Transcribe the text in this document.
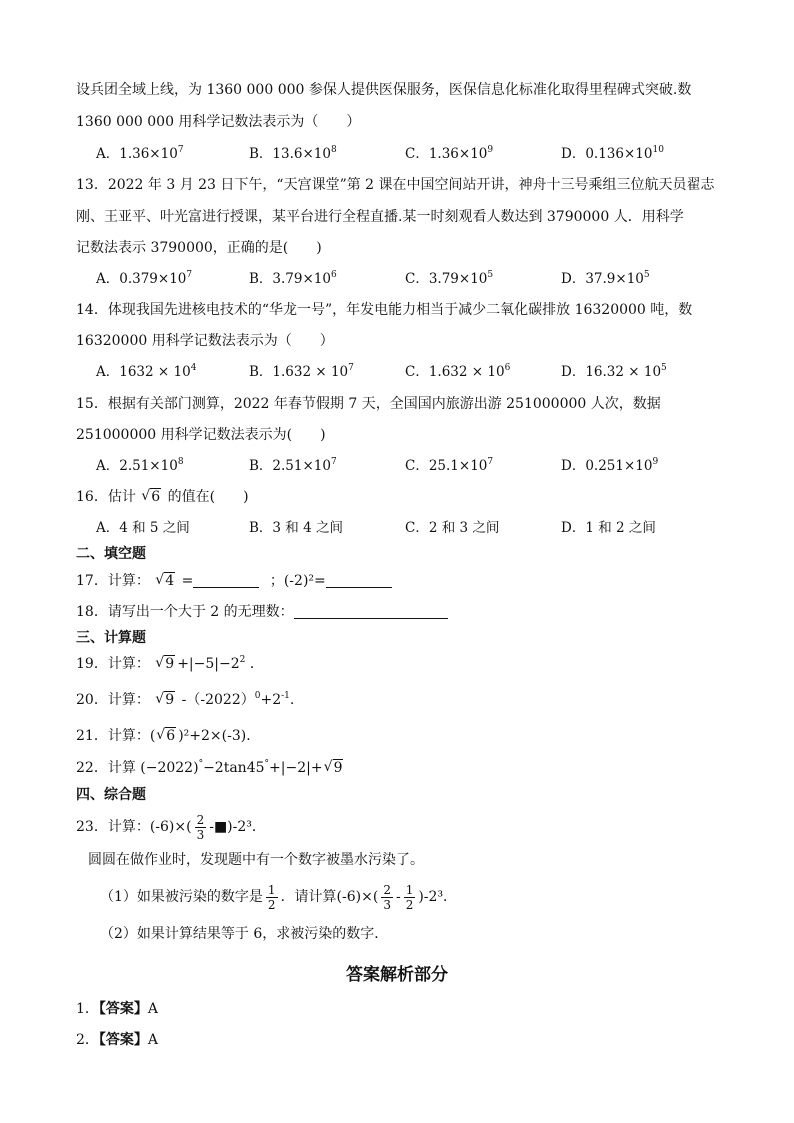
设兵团全域上线，为 1360 000 000 参保人提供医保服务，医保信息化标准化取得里程碑式突破.数
1360 000 000 用科学记数法表示为（　　）
A．$1.36\times 10^7$	B．$13.6\times 10^8$	C．$1.36\times 10^9$	D．$0.136\times 10^{10}$
13．2022 年 3 月 23 日下午，“天宫课堂”第 2 课在中国空间站开讲，神舟十三号乘组三位航天员翟志
刚、王亚平、叶光富进行授课，某平台进行全程直播.某一时刻观看人数达到 3790000 人．用科学
记数法表示 3790000，正确的是(　　)
A．$0.379\times 10^7$	B．$3.79\times 10^6$	C．$3.79\times 10^5$	D．$37.9\times 10^5$
14．体现我国先进核电技术的“华龙一号”，年发电能力相当于减少二氧化碳排放 16320000 吨，数
16320000 用科学记数法表示为（　　）
A．$1632 \times 10^4$	B．$1.632 \times 10^7$	C．$1.632 \times 10^6$	D．$16.32 \times 10^5$
15．根据有关部门测算，2022 年春节假期 7 天，全国国内旅游出游 251000000 人次，数据
251000000 用科学记数法表示为(　　)
A．$2.51\times 10^8$	B．$2.51\times 10^7$	C．$25.1\times 10^7$	D．$0.251\times 10^9$
16．估计 √ 6 的值在(　　)
A．4 和 5 之间	B．3 和 4 之间	C．2 和 3 之间	D．1 和 2 之间
二、填空题
17．计算： √ 4 =	；(-2)²=
18．请写出一个大于 2 的无理数：
三、计算题
19．计算： √ $9 +|-5|-2^2$ ．
20．计算： √ 9 $-(-2022)^0+2^{-1}$.
21．计算：( √ 6 )²+2×(-3)．
22．计算 (−2022)°−2tan45°+|−2|+ √ 9
四、综合题
23．计算：$(-6)\times( \frac{2}{3}$ -■)-2³．
圆圆在做作业时，发现题中有一个数字被墨水污染了。
（1）如果被污染的数字是 $\frac{1}{2}$ ．请计算$(-6)\times( \frac{2}{3} - \frac{1}{2} )-2^3$．
（2）如果计算结果等于 6，求被污染的数字．
答案解析部分
1．【答案】A
2．【答案】A
